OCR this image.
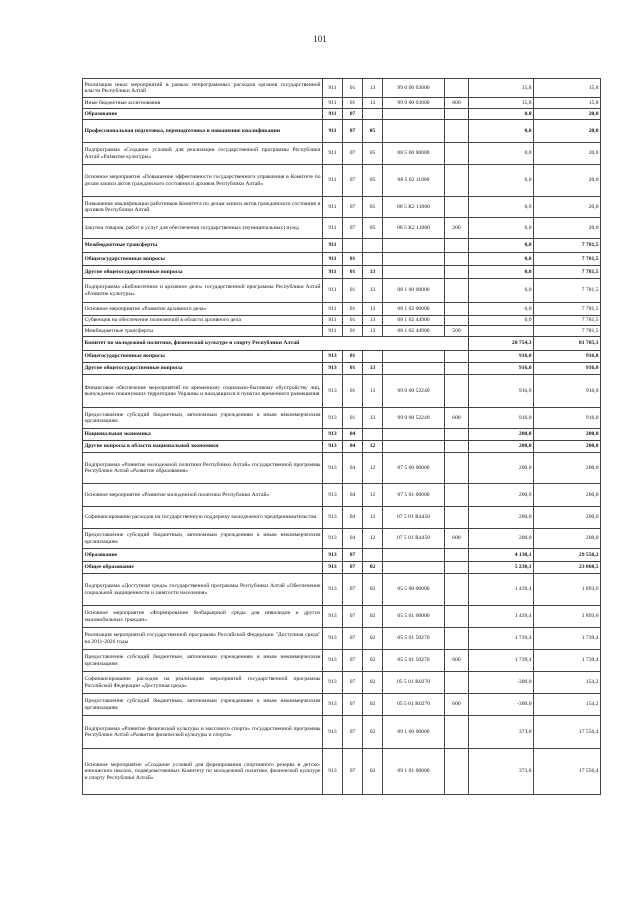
101
Реализация иных мероприятий в рамках непрограммных расходов органов государственной власти Республики Алтай	911	01	13	99 0 00 03000		15,8	15,8
Иные бюджетные ассигнования	911	01	13	99 0 00 03000	800	15,8	15,8
Образование	911	07				0,0	20,0
Профессиональная подготовка, переподготовка и повышение квалификации	911	07	05			0,0	20,0
Подпрограмма «Создание условий для реализации государственной программы Республики Алтай «Развитие культуры»	911	07	05	08 5 00 00000		0,0	20,0
Основное мероприятие «Повышение эффективности государственного управления в Комитете по делам записи актов гражданского состояния и архивов Республики Алтай»	911	07	05	08 5 02 11000		0,0	20,0
Повышение квалификации работников Комитета по делам записи актов гражданского состояния и архивов Республики Алтай	911	07	05	08 5 К2 11000		0,0	20,0
Закупка товаров, работ и услуг для обеспечения государственных (муниципальных) нужд	911	07	05	08 5 К2 11000	200	0,0	20,0
Межбюджетные трансферты	911					0,0	7 781,5
Общегосударственные вопросы	911	01				0,0	7 781,5
Другие общегосударственные вопросы	911	01	13			0,0	7 781,5
Подпрограмма «Библиотечное и архивное дело» государственной программы Республики Алтай «Развитие культуры»	911	01	13	08 1 00 00000		0,0	7 781,5
Основное мероприятие «Развитие архивного дела»	911	01	13	08 1 02 00000		0,0	7 781,5
Субвенция на обеспечение полномочий в области архивного дела	911	01	13	08 1 02 44900		0,0	7 781,5
Межбюджетные трансферты	911	01	13	08 1 02 44900	500		7 781,5
Комитет по молодежной политике, физической культуре и спорту Республики Алтай						20 754,3	81 785,1
Общегосударственные вопросы	913	01				916,0	916,0
Другие общегосударственные вопросы	913	01	13			916,0	916,0
Финансовое обеспечение мероприятий по временному социально-бытовому обустройству лиц, вынужденно покинувших территорию Украины и находящихся в пунктах временного размещения	913	01	13	99 0 00 52240		916,0	916,0
Предоставление субсидий бюджетным, автономным учреждениям и иным некоммерческим организациям	913	01	13	99 0 00 52240	600	916,0	916,0
Национальная экономика	913	04				200,0	200,0
Другие вопросы в области национальной экономики	913	04	12			200,0	200,0
Подпрограмма «Развитие молодежной политики Республики Алтай» государственной программы Республики Алтай «Развитие образования»	913	04	12	07 5 00 00000		200,0	200,0
Основное мероприятие «Развитие молодежной политики Республики Алтай»	913	04	12	07 5 01 00000		200,0	200,0
Софинансирование расходов на государственную поддержку молодежного предпринимательства	913	04	12	07 5 01 R4450		200,0	200,0
Предоставление субсидий бюджетным, автономным учреждениям и иным некоммерческим организациям	913	04	12	07 5 01 R4450	600	200,0	200,0
Образование	913	07				4 130,1	29 556,2
Общее образование	913	07	02			5 230,1	23 068,5
Подпрограмма «Доступная среда» государственной программы Республики Алтай «Обеспечение социальной защищенности и занятости населения»	913	07	02	05 5 00 00000		1 439,4	1 893,6
Основное мероприятие «Формирование безбарьерной среды для инвалидов и других маломобильных граждан»	913	07	02	05 5 01 00000		1 439,4	1 893,6
Реализация мероприятий государственной программы Российской Федерации "Доступная среда" на 2011-2020 годы	913	07	02	05 5 01 50270		1 739,4	1 739,4
Предоставление субсидий бюджетным, автономным учреждениям и иным некоммерческим организациям	913	07	02	05 5 01 50270	600	1 739,4	1 739,4
Софинансирование расходов на реализацию мероприятий государственной программы Российской Федерации «Доступная среда»	913	07	02	05 5 01 R0270		-300,0	154,2
Предоставление субсидий бюджетным, автономным учреждениям и иным некоммерческим организациям	913	07	02	05 5 01 R0270	600	-300,0	154,2
Подпрограмма «Развитие физической культуры и массового спорта» государственной программы Республики Алтай «Развитие физической культуры и спорта»	913	07	02	09 1 00 00000		373,8	17 556,4
Основное мероприятие «Создание условий для формирования спортивного резерва в детско-юношеских школах, подведомственных Комитету по молодежной политике, физической культуре и спорту Республики Алтай»	913	07	02	09 1 01 00000		373,8	17 556,4
